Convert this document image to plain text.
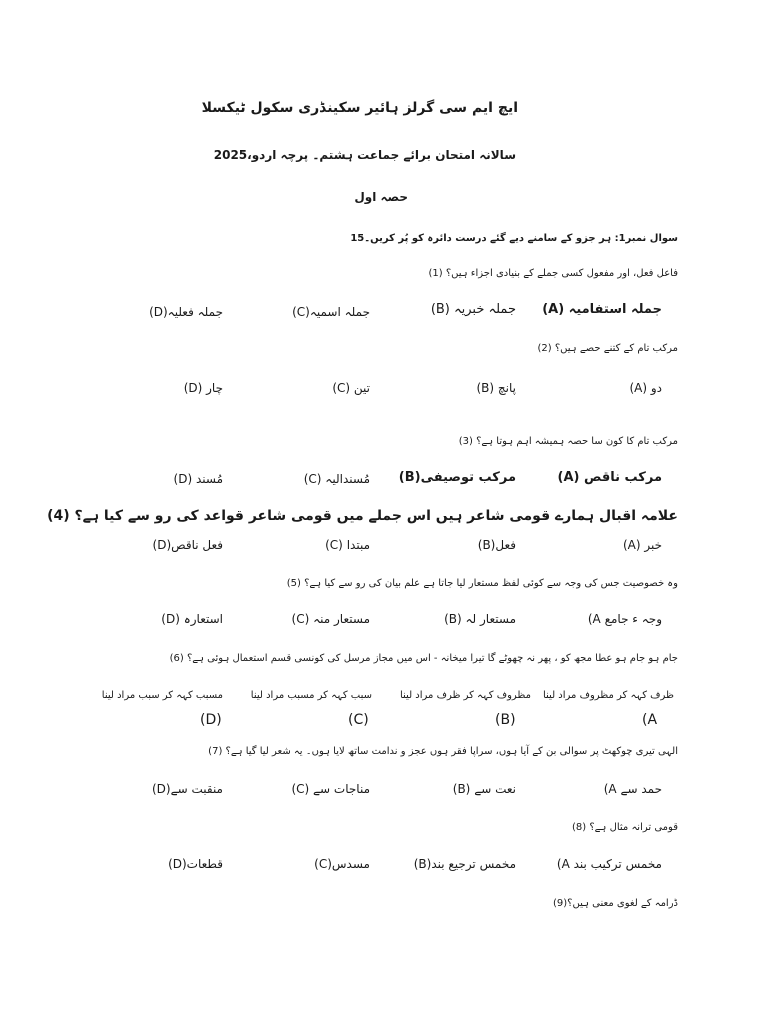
ایچ ایم سی گرلز ہائیر سکینڈری سکول ٹیکسلا
سالانہ امتحان برائے جماعت ہشتم۔ پرچہ اردو،2025
حصہ اول
سوال نمبر1: ہر جزو کے سامنے دیے گئے درست دائرہ کو پُر کریں۔15
فاعل فعل، اور مفعول کسی جملے کے بنیادی اجزاء ہیں؟ (1)
(A) جملہ استفامیہ
(B) جملہ خبریہ
(C)جملہ اسمیہ
(D)جملہ فعلیہ
مرکب تام کے کتنے حصے ہیں؟ (2)
(A) دو
(B) پانچ
(C) تین
(D) چار
مرکب تام کا کون سا حصہ ہمیشہ اہم ہوتا ہے؟ (3)
(A) مرکب ناقص
(B)مرکب توصیفی
(C) مُسندالیہ
(D) مُسند
علامہ اقبال ہمارے قومی شاعر ہیں اس جملے میں قومی شاعر قواعد کی رو سے کیا ہے؟ (4)
(A) خبر
(B)فعل
(C) مبتدا
(D)فعل ناقص
وہ خصوصیت جس کی وجہ سے کوئی لفظ مستعار لیا جاتا ہے علم بیان کی رو سے کیا ہے؟ (5)
(A وجہ ء جامع
(B) مستعار لہ
(C) مستعار منہ
(D) استعارہ
جام ہو جام ہو عطا مجھ کو ، پھر نہ چھوٹے گا تیرا میخانہ - اس میں مجاز مرسل کی کونسی قسم استعمال ہوئی ہے؟ (6)
ظرف کہہ کر مظروف مراد لینا
مظروف کہہ کر ظرف مراد لینا
سبب کہہ کر مسبب مراد لینا
مسبب کہہ کر سبب مراد لینا
(A
(B)
(C)
(D)
الہی تیری چوکھٹ پر سوالی بن کے آیا ہوں، سراپا فقر ہوں عجز و ندامت ساتھ لایا ہوں۔ یہ شعر لیا گیا ہے؟ (7)
(A حمد سے
(B) نعت سے
(C) مناجات سے
(D)منقبت سے
قومی ترانہ مثال ہے؟ (8)
(A مخمس ترکیب بند
(B)مخمس ترجیع بند
(C)مسدس
(D)قطعات
ڈرامہ کے لغوی معنی ہیں؟(9)
